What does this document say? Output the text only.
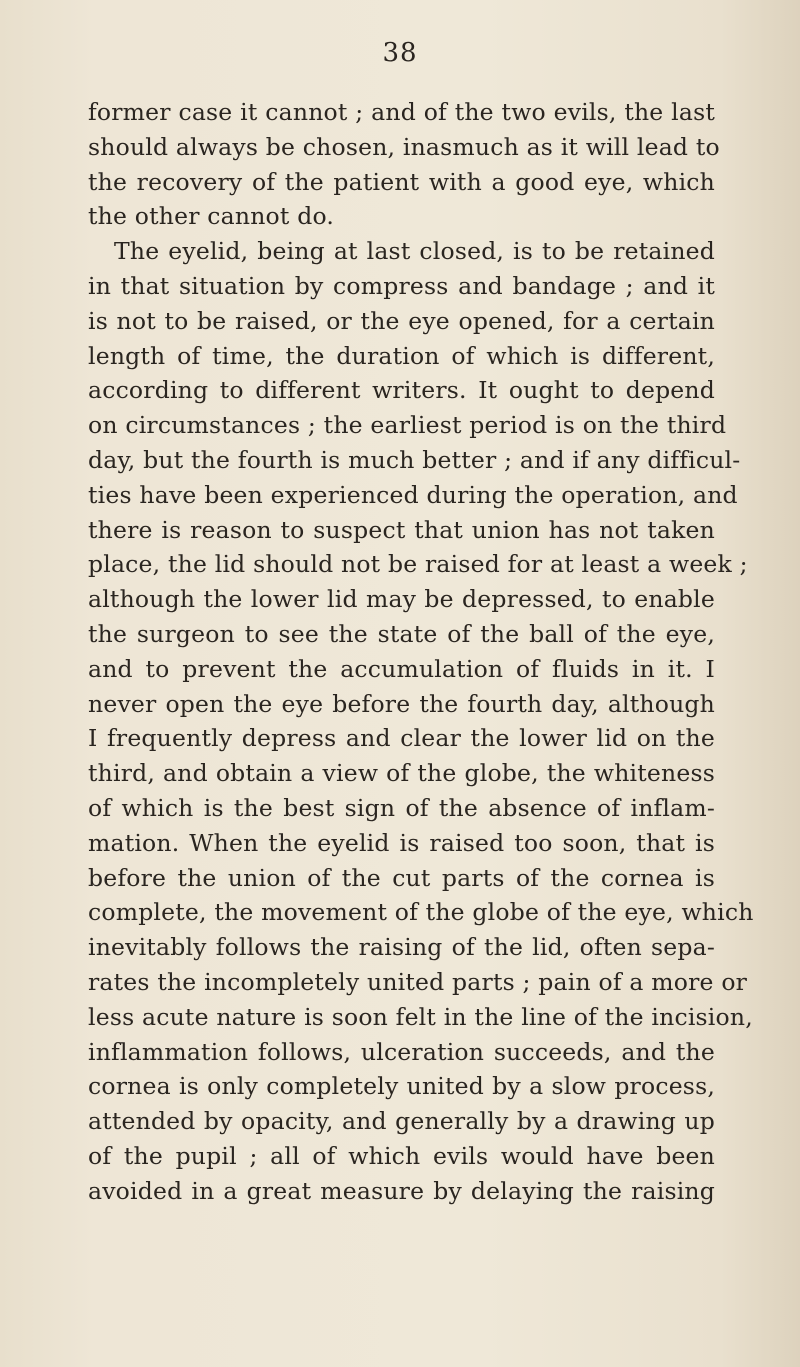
38
former case it cannot ; and of the two evils, the last
should always be chosen, inasmuch as it will lead to
the recovery of the patient with a good eye, which
the other cannot do.
The eyelid, being at last closed, is to be retained
in that situation by compress and bandage ; and it
is not to be raised, or the eye opened, for a certain
length of time, the duration of which is different,
according to different writers. It ought to depend
on circumstances ; the earliest period is on the third
day, but the fourth is much better ; and if any difficul-
ties have been experienced during the operation, and
there is reason to suspect that union has not taken
place, the lid should not be raised for at least a week ;
although the lower lid may be depressed, to enable
the surgeon to see the state of the ball of the eye,
and to prevent the accumulation of fluids in it. I
never open the eye before the fourth day, although
I frequently depress and clear the lower lid on the
third, and obtain a view of the globe, the whiteness
of which is the best sign of the absence of inflam-
mation. When the eyelid is raised too soon, that is
before the union of the cut parts of the cornea is
complete, the movement of the globe of the eye, which
inevitably follows the raising of the lid, often sepa-
rates the incompletely united parts ; pain of a more or
less acute nature is soon felt in the line of the incision,
inflammation follows, ulceration succeeds, and the
cornea is only completely united by a slow process,
attended by opacity, and generally by a drawing up
of the pupil ; all of which evils would have been
avoided in a great measure by delaying the raising
